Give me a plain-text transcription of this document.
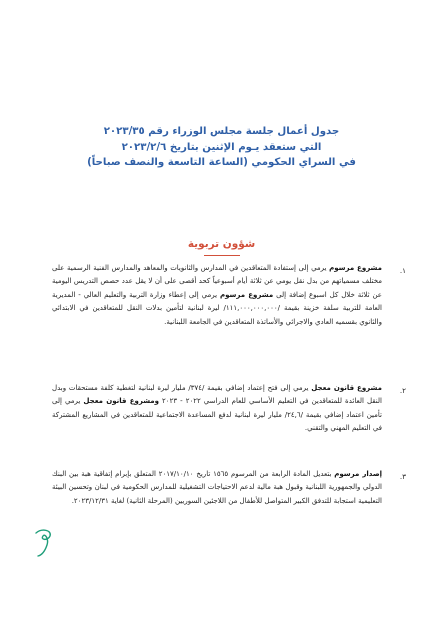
جدول أعمال جلسة مجلس الوزراء رقم ٢٠٢٣/٣٥
التي ستعقد يـوم الإثنين بتاريخ ٢٠٢٣/٢/٦
في السراي الحكومي (الساعة التاسعة والنصف صباحاً)
شؤون تربوية
١.
مشروع مرسوم يرمي إلى إستفادة المتعاقدين في المدارس والثانويات والمعاهد والمدارس الفنية الرسمية على مختلف مسمياتهم من بدل نقل يومي عن ثلاثة أيام أسبوعياً كحد أقصى على أن لا يقل عدد حصص التدريس اليومية عن ثلاثة خلال كل اسبوع إضافة إلى مشروع مرسوم يرمي إلى إعطاء وزارة التربية والتعليم العالي - المديرية العامة للتربية سلفة خزينة بقيمة /١١١,٠٠٠,٠٠٠,٠٠٠/ ليرة لبنانية لتأمين بدلات النقل للمتعاقدين في الابتدائي والثانوي بقسميه العادي والاجرائي والأساتذة المتعاقدين في الجامعة اللبنانية.
٢.
مشروع قانون معجل يرمي إلى فتح إعتماد إضافي بقيمة /٣٧٤/ مليار ليرة لبنانية لتغطية كلفة مستحقات وبدل النقل العائدة للمتعاقدين في التعليم الأساسي للعام الدراسي ٢٠٢٢ - ٢٠٢٣ ومشروع قانون معجل يرمي إلى تأمين اعتماد إضافي بقيمة /٢٤,٦/ مليار ليرة لبنانية لدفع المساعدة الاجتماعية للمتعاقدين في المشاريع المشتركة في التعليم المهني والتقني.
٣.
إصدار مرسوم بتعديل المادة الرابعة من المرسوم ١٥٦٥ تاريخ ٢٠١٧/١٠/١٠ المتعلق بإبرام إتفاقية هبة بين البنك الدولي والجمهورية اللبنانية وقبول هبة مالية لدعم الاحتياجات التشغيلية للمدارس الحكومية في لبنان وتحسين البيئة التعليمية استجابة للتدفق الكبير المتواصل للأطفال من اللاجئين السوريين (المرحلة الثانية) لغاية ٢٠٢٣/١٢/٣١.
